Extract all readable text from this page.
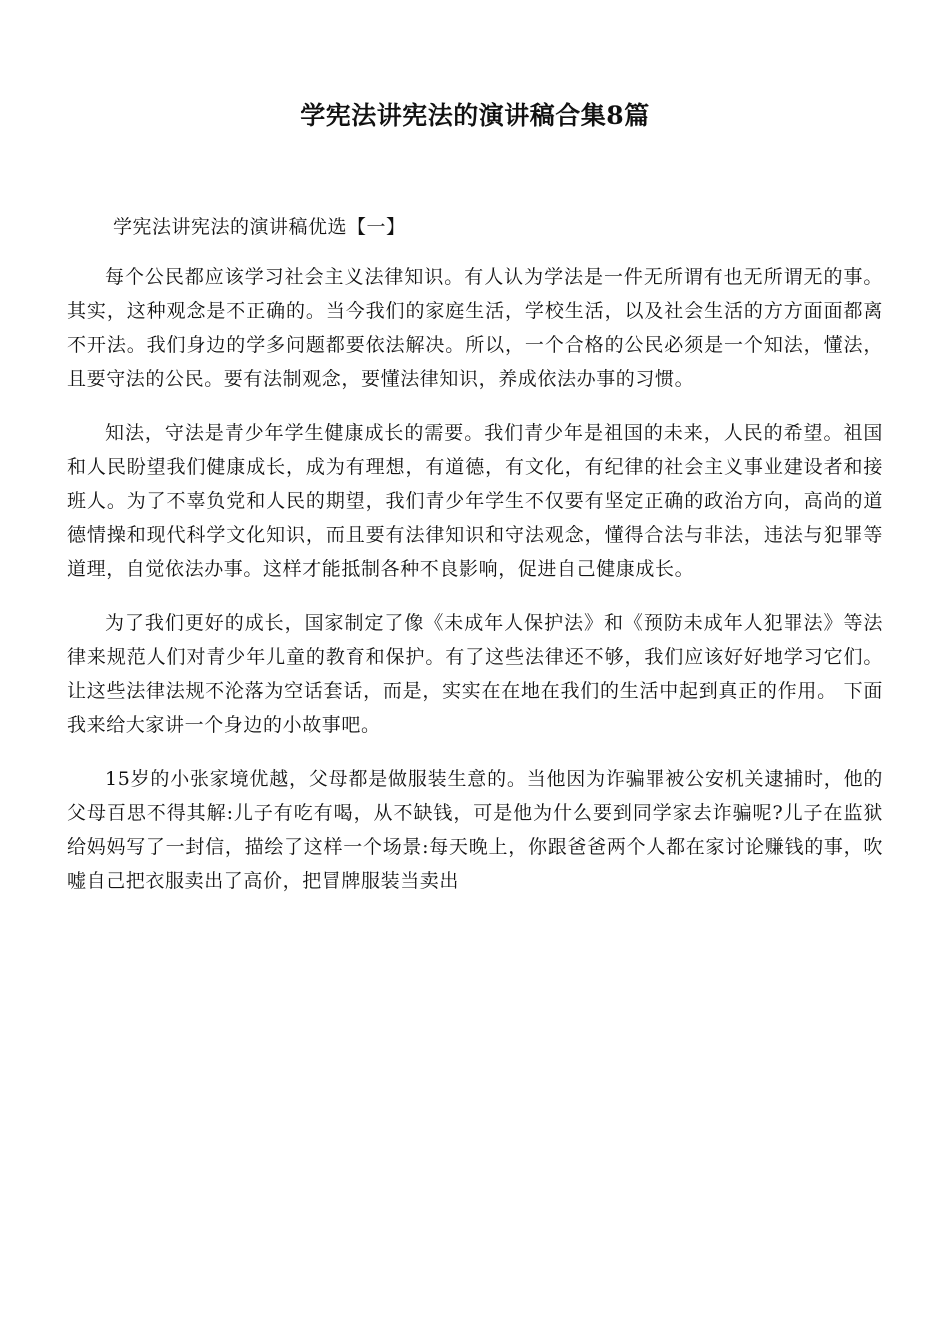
学宪法讲宪法的演讲稿合集8篇
学宪法讲宪法的演讲稿优选【一】

每个公民都应该学习社会主义法律知识。有人认为学法是一件无所谓有也无所谓无的事。其实，这种观念是不正确的。当今我们的家庭生活，学校生活，以及社会生活的方方面面都离不开法。我们身边的学多问题都要依法解决。所以，一个合格的公民必须是一个知法，懂法，且要守法的公民。要有法制观念，要懂法律知识，养成依法办事的习惯。

知法，守法是青少年学生健康成长的需要。我们青少年是祖国的未来，人民的希望。祖国和人民盼望我们健康成长，成为有理想，有道德，有文化，有纪律的社会主义事业建设者和接班人。为了不辜负党和人民的期望，我们青少年学生不仅要有坚定正确的政治方向，高尚的道德情操和现代科学文化知识，而且要有法律知识和守法观念，懂得合法与非法，违法与犯罪等道理，自觉依法办事。这样才能抵制各种不良影响，促进自己健康成长。

为了我们更好的成长，国家制定了像《未成年人保护法》和《预防未成年人犯罪法》等法律来规范人们对青少年儿童的教育和保护。有了这些法律还不够，我们应该好好地学习它们。让这些法律法规不沦落为空话套话，而是，实实在在地在我们的生活中起到真正的作用。 下面我来给大家讲一个身边的小故事吧。

15岁的小张家境优越，父母都是做服装生意的。当他因为诈骗罪被公安机关逮捕时，他的父母百思不得其解:儿子有吃有喝，从不缺钱，可是他为什么要到同学家去诈骗呢?儿子在监狱给妈妈写了一封信，描绘了这样一个场景:每天晚上，你跟爸爸两个人都在家讨论赚钱的事，吹嘘自己把衣服卖出了高价，把冒牌服装当卖出
